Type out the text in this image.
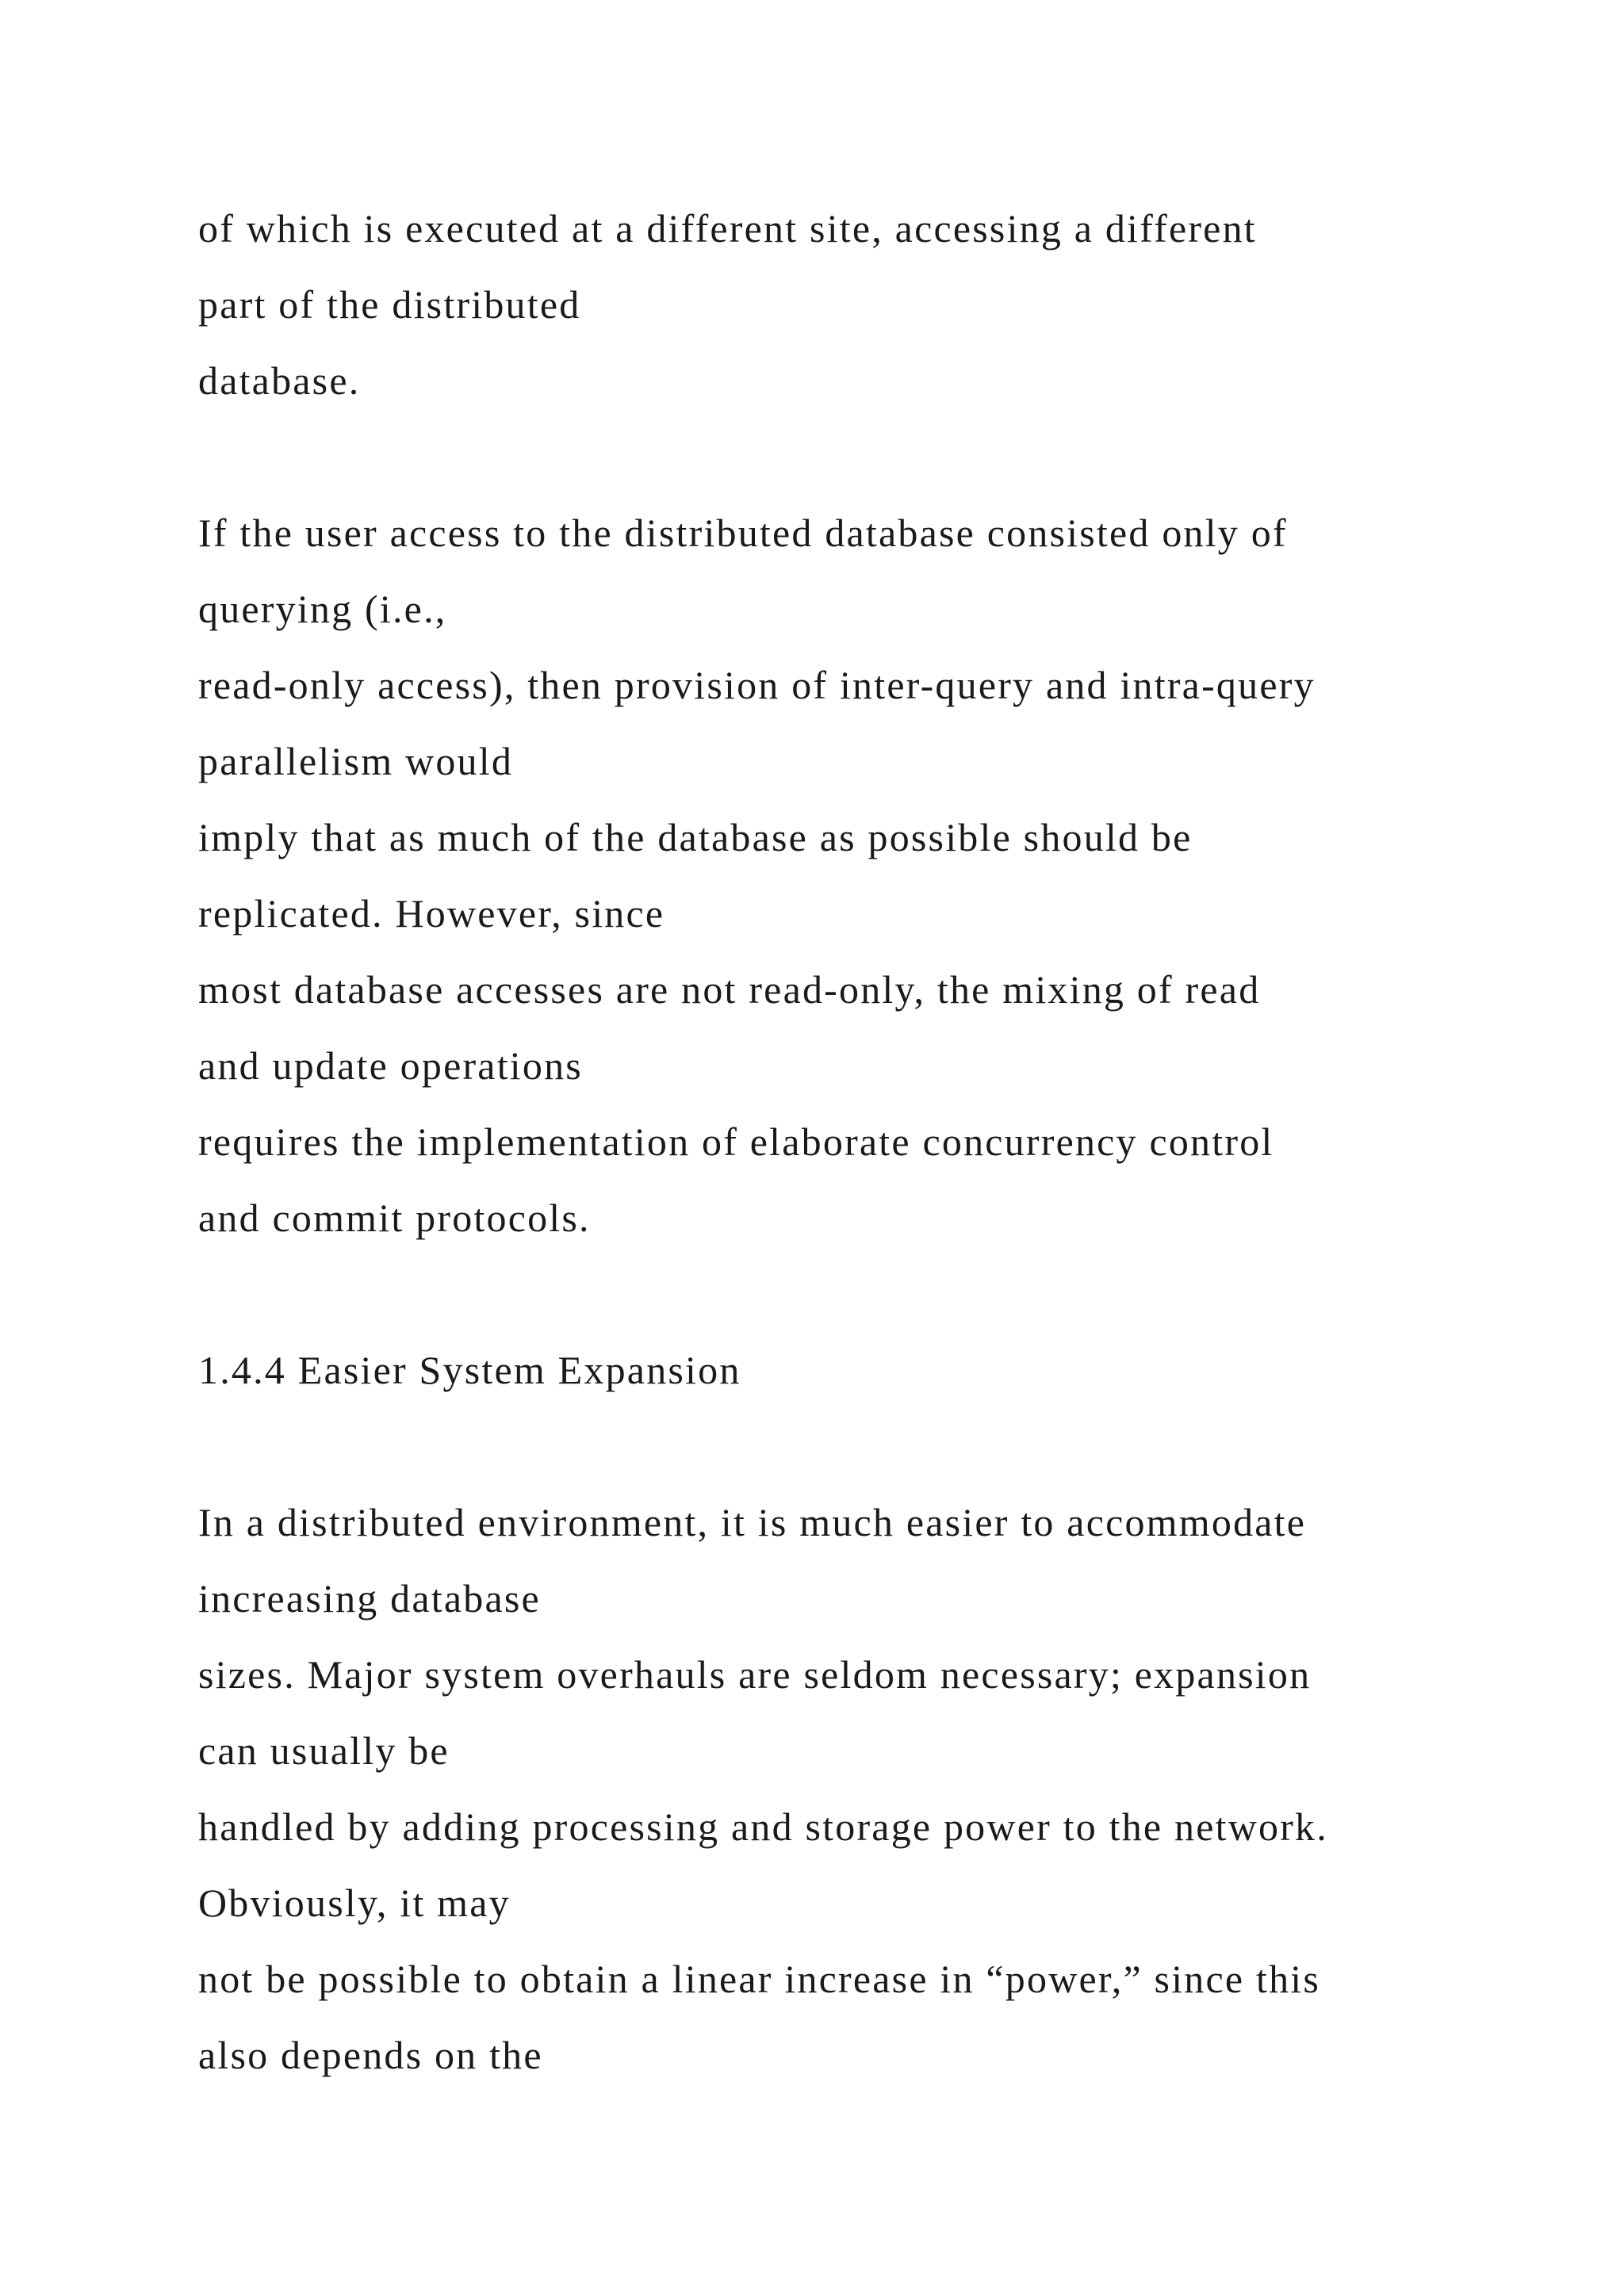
of which is executed at a different site, accessing a different
part of the distributed
database.
If the user access to the distributed database consisted only of
querying (i.e.,
read-only access), then provision of inter-query and intra-query
parallelism would
imply that as much of the database as possible should be
replicated. However, since
most database accesses are not read-only, the mixing of read
and update operations
requires the implementation of elaborate concurrency control
and commit protocols.
1.4.4 Easier System Expansion
In a distributed environment, it is much easier to accommodate
increasing database
sizes. Major system overhauls are seldom necessary; expansion
can usually be
handled by adding processing and storage power to the network.
Obviously, it may
not be possible to obtain a linear increase in “power,” since this
also depends on the
